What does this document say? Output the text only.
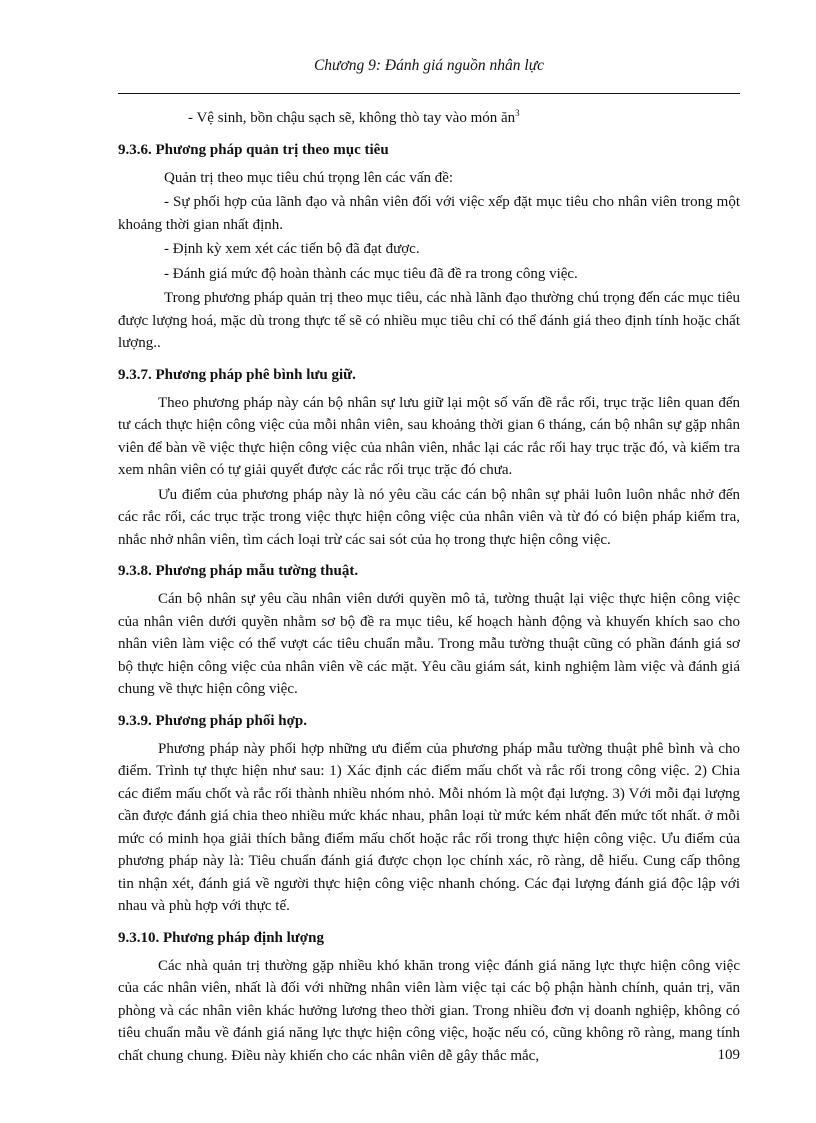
Chương 9: Đánh giá nguồn nhân lực

- Vệ sinh, bồn chậu sạch sẽ, không thò tay vào món $ăn^3$

9.3.6. Phương pháp quản trị theo mục tiêu

Quản trị theo mục tiêu chú trọng lên các vấn đề:

- Sự phối hợp của lãnh đạo và nhân viên đối với việc xếp đặt mục tiêu cho nhân viên trong một khoảng thời gian nhất định.

- Định kỳ xem xét các tiến bộ đã đạt được.

- Đánh giá mức độ hoàn thành các mục tiêu đã đề ra trong công việc.

Trong phương pháp quản trị theo mục tiêu, các nhà lãnh đạo thường chú trọng đến các mục tiêu được lượng hoá, mặc dù trong thực tế sẽ có nhiều mục tiêu chỉ có thể đánh giá theo định tính hoặc chất lượng..

9.3.7. Phương pháp phê bình lưu giữ.

Theo phương pháp này cán bộ nhân sự lưu giữ lại một số vấn đề rắc rối, trục trặc liên quan đến tư cách thực hiện công việc của mỗi nhân viên, sau khoảng thời gian 6 tháng, cán bộ nhân sự gặp nhân viên để bàn về việc thực hiện công việc của nhân viên, nhắc lại các rắc rối hay trục trặc đó, và kiểm tra xem nhân viên có tự giải quyết được các rắc rối trục trặc đó chưa.

Ưu điểm của phương pháp này là nó yêu cầu các cán bộ nhân sự phải luôn luôn nhắc nhở đến các rắc rối, các trục trặc trong việc thực hiện công việc của nhân viên và từ đó có biện pháp kiểm tra, nhắc nhở nhân viên, tìm cách loại trừ các sai sót của họ trong thực hiện công việc.

9.3.8. Phương pháp mẫu tường thuật.

Cán bộ nhân sự yêu cầu nhân viên dưới quyền mô tả, tường thuật lại việc thực hiện công việc của nhân viên dưới quyền nhằm sơ bộ đề ra mục tiêu, kế hoạch hành động và khuyến khích sao cho nhân viên làm việc có thể vượt các tiêu chuẩn mẫu. Trong mẫu tường thuật cũng có phần đánh giá sơ bộ thực hiện công việc của nhân viên về các mặt. Yêu cầu giám sát, kinh nghiệm làm việc và đánh giá chung về thực hiện công việc.

9.3.9. Phương pháp phối hợp.

Phương pháp này phối hợp những ưu điểm của phương pháp mẫu tường thuật phê bình và cho điểm. Trình tự thực hiện như sau: 1) Xác định các điểm mấu chốt và rắc rối trong công việc. 2) Chia các điểm mấu chốt và rắc rối thành nhiều nhóm nhỏ. Mỗi nhóm là một đại lượng. 3) Với mỗi đại lượng cần được đánh giá chia theo nhiều mức khác nhau, phân loại từ mức kém nhất đến mức tốt nhất. ở mỗi mức có minh họa giải thích bằng điểm mấu chốt hoặc rắc rối trong thực hiện công việc. Ưu điểm của phương pháp này là: Tiêu chuẩn đánh giá được chọn lọc chính xác, rõ ràng, dễ hiểu. Cung cấp thông tin nhận xét, đánh giá về người thực hiện công việc nhanh chóng. Các đại lượng đánh giá độc lập với nhau và phù hợp với thực tế.

9.3.10. Phương pháp định lượng

Các nhà quản trị thường gặp nhiều khó khăn trong việc đánh giá năng lực thực hiện công việc của các nhân viên, nhất là đối với những nhân viên làm việc tại các bộ phận hành chính, quản trị, văn phòng và các nhân viên khác hưởng lương theo thời gian. Trong nhiều đơn vị doanh nghiệp, không có tiêu chuẩn mẫu về đánh giá năng lực thực hiện công việc, hoặc nếu có, cũng không rõ ràng, mang tính chất chung chung. Điều này khiến cho các nhân viên dễ gây thắc mắc,	109
